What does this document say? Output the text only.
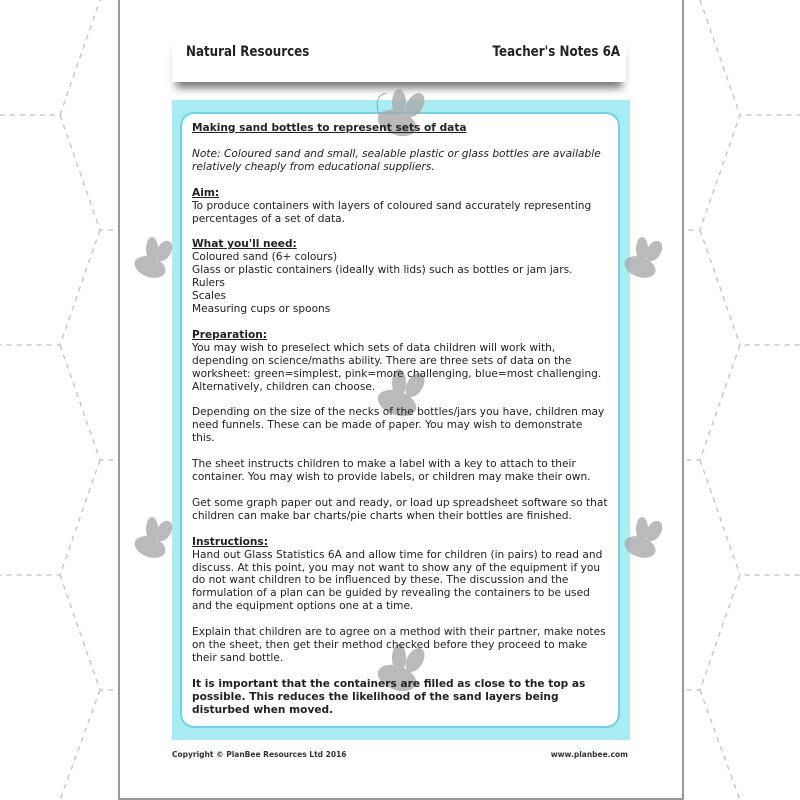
Natural Resources	Teacher's Notes 6A

Making sand bottles to represent sets of data

Note: Coloured sand and small, sealable plastic or glass bottles are available relatively cheaply from educational suppliers.

Aim:

To produce containers with layers of coloured sand accurately representing percentages of a set of data.

What you'll need:
Coloured sand (6+ colours)
Glass or plastic containers (ideally with lids) such as bottles or jam jars.
Rulers
Scales

Measuring cups or spoons

Preparation:

You may wish to preselect which sets of data children will work with, depending on science/maths ability. There are three sets of data on the worksheet: green=simplest, pink=more challenging, blue=most challenging. Alternatively, children can choose.

Depending on the size of the necks of the bottles/jars you have, children may need funnels. These can be made of paper. You may wish to demonstrate this.

The sheet instructs children to make a label with a key to attach to their container. You may wish to provide labels, or children may make their own.

Get some graph paper out and ready, or load up spreadsheet software so that children can make bar charts/pie charts when their bottles are finished.

Instructions:

Hand out Glass Statistics 6A and allow time for children (in pairs) to read and discuss. At this point, you may not want to show any of the equipment if you do not want children to be influenced by these. The discussion and the formulation of a plan can be guided by revealing the containers to be used and the equipment options one at a time.

Explain that children are to agree on a method with their partner, make notes on the sheet, then get their method checked before they proceed to make their sand bottle.

It is important that the containers are filled as close to the top as possible. This reduces the likelihood of the sand layers being disturbed when moved.

Copyright © PlanBee Resources Ltd 2016	www.planbee.com
